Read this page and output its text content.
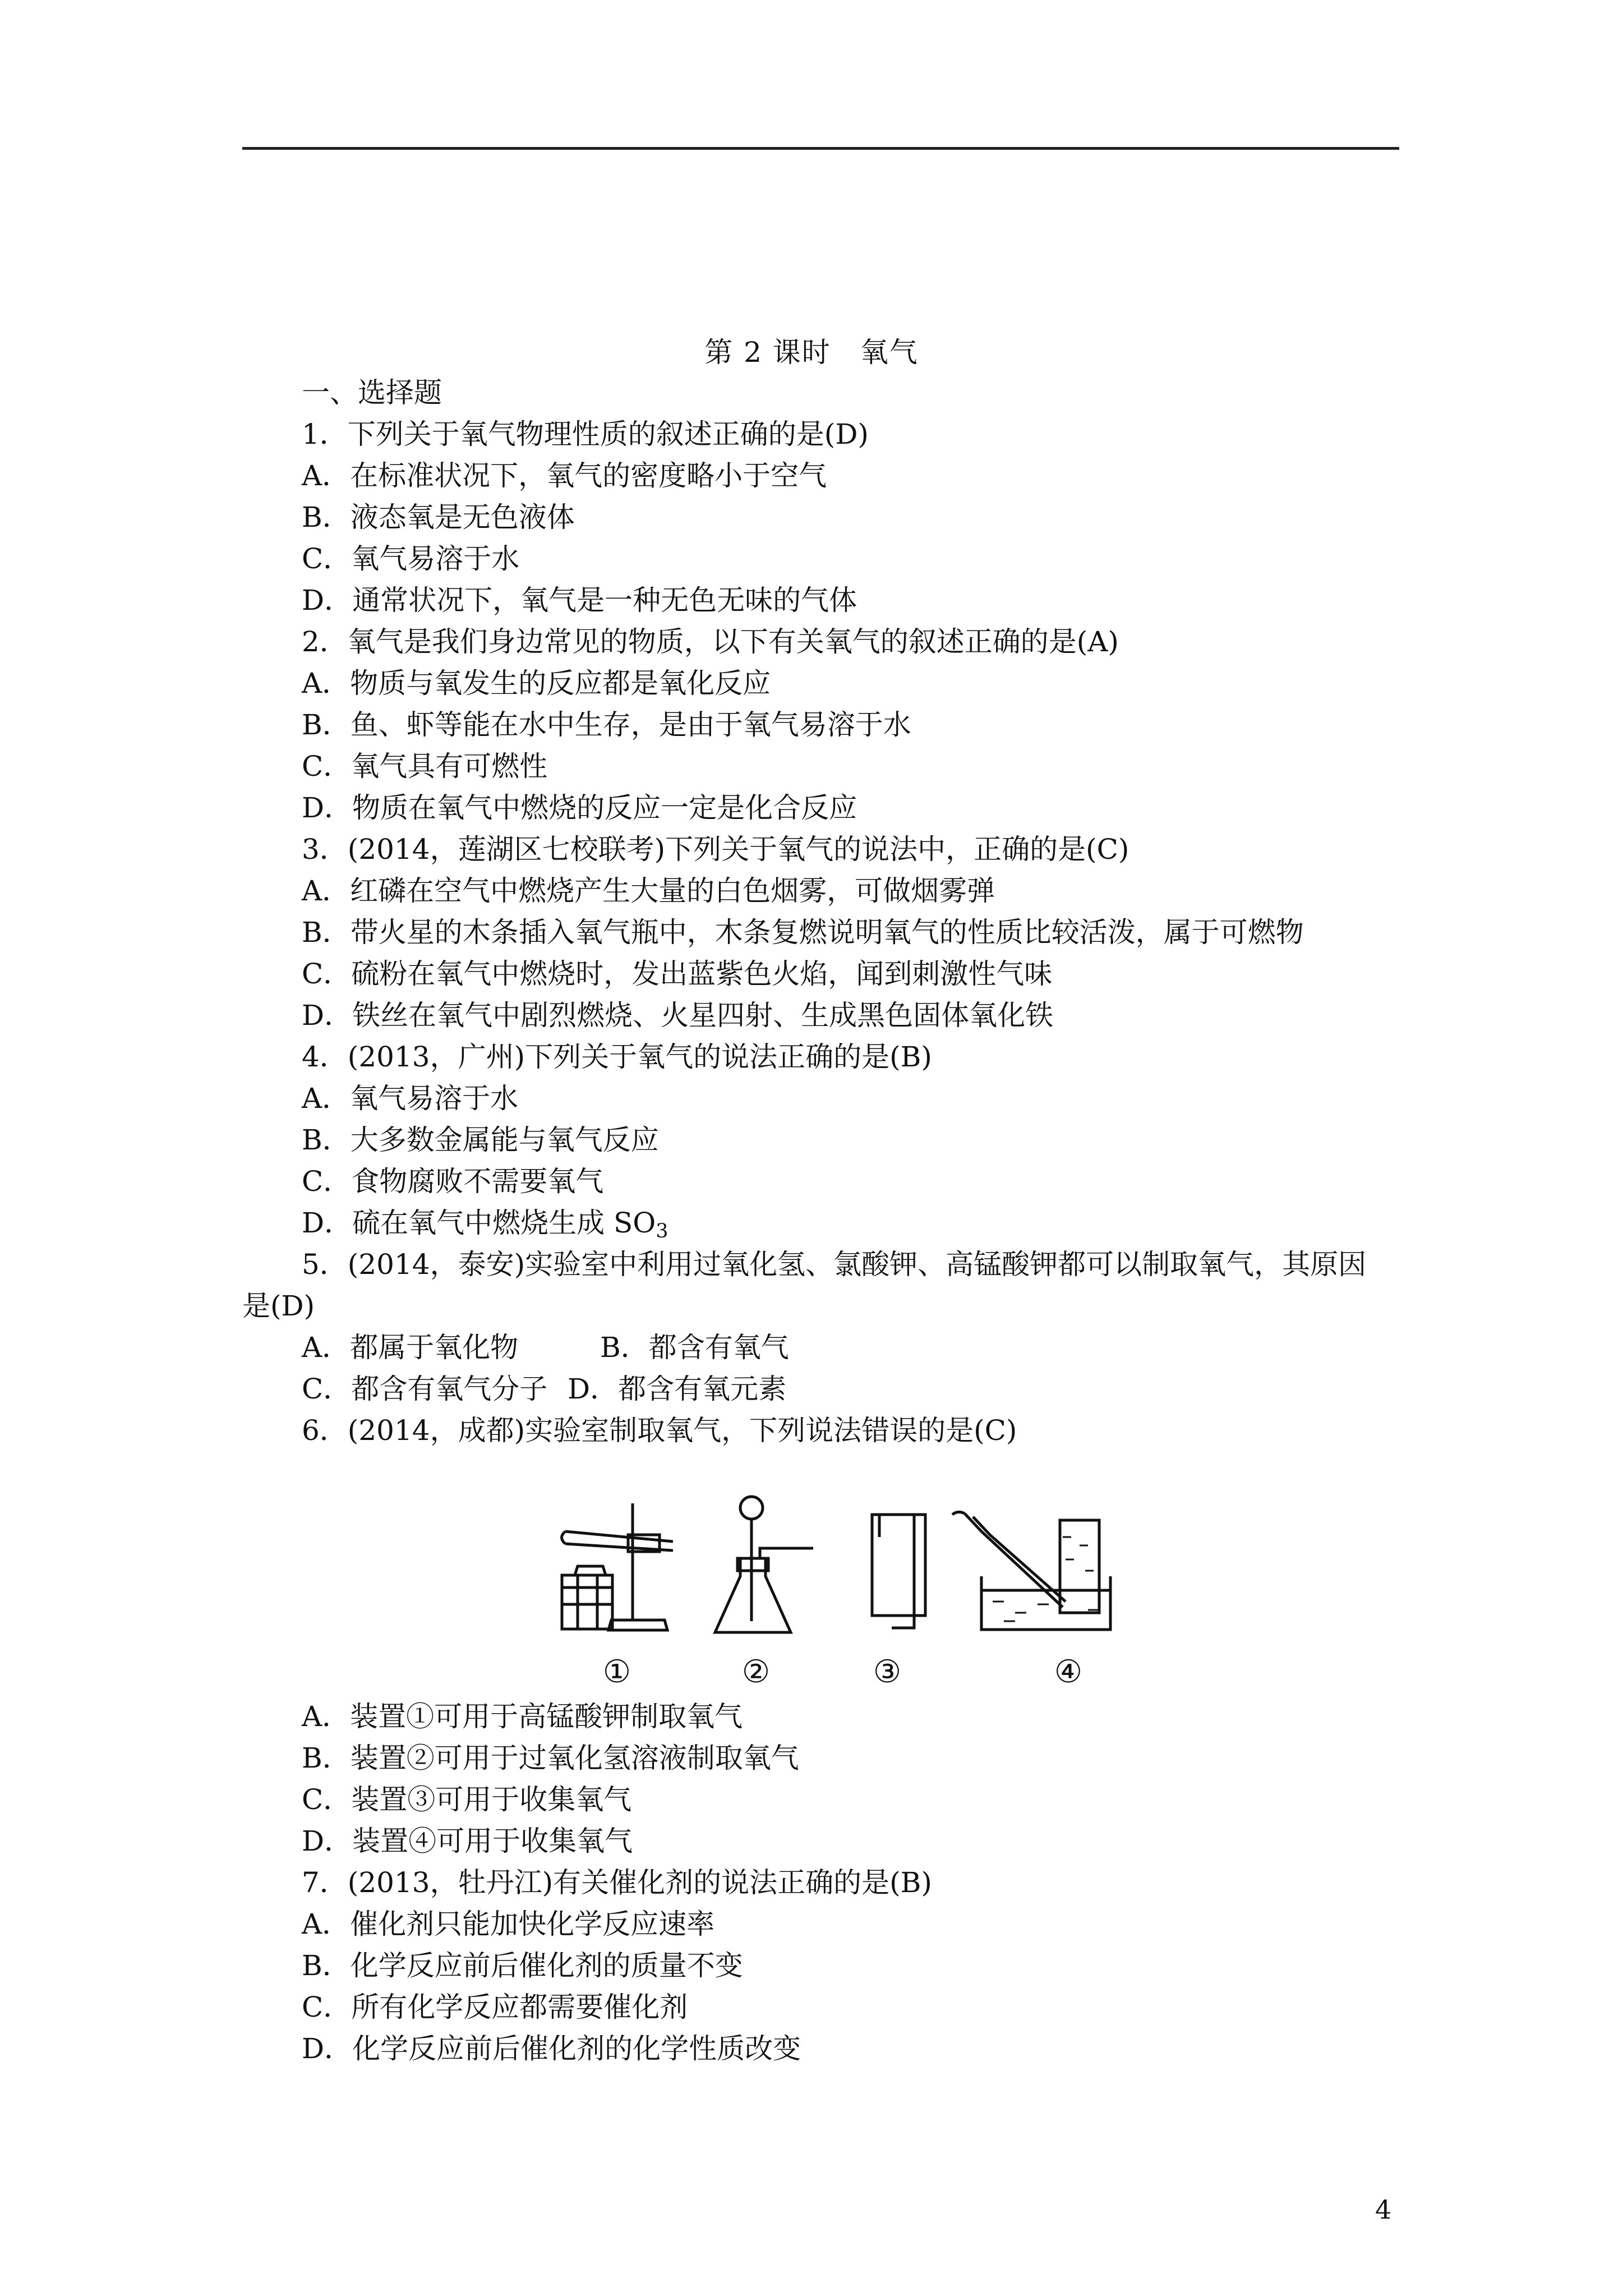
第 2 课时　氧气
一、选择题
1．下列关于氧气物理性质的叙述正确的是(D)
A．在标准状况下，氧气的密度略小于空气
B．液态氧是无色液体
C．氧气易溶于水
D．通常状况下，氧气是一种无色无味的气体
2．氧气是我们身边常见的物质，以下有关氧气的叙述正确的是(A)
A．物质与氧发生的反应都是氧化反应
B．鱼、虾等能在水中生存，是由于氧气易溶于水
C．氧气具有可燃性
D．物质在氧气中燃烧的反应一定是化合反应
3．(2014，莲湖区七校联考)下列关于氧气的说法中，正确的是(C)
A．红磷在空气中燃烧产生大量的白色烟雾，可做烟雾弹
B．带火星的木条插入氧气瓶中，木条复燃说明氧气的性质比较活泼，属于可燃物
C．硫粉在氧气中燃烧时，发出蓝紫色火焰，闻到刺激性气味
D．铁丝在氧气中剧烈燃烧、火星四射、生成黑色固体氧化铁
4．(2013，广州)下列关于氧气的说法正确的是(B)
A．氧气易溶于水
B．大多数金属能与氧气反应
C．食物腐败不需要氧气
D．硫在氧气中燃烧生成 $SO_3$
5．(2014，泰安)实验室中利用过氧化氢、氯酸钾、高锰酸钾都可以制取氧气，其原因
是(D)
A．都属于氧化物	B．都含有氧气
C．都含有氧气分子 D．都含有氧元素
6．(2014，成都)实验室制取氧气，下列说法错误的是(C)
①	②	③	④
A．装置①可用于高锰酸钾制取氧气
B．装置②可用于过氧化氢溶液制取氧气
C．装置③可用于收集氧气
D．装置④可用于收集氧气
7．(2013，牡丹江)有关催化剂的说法正确的是(B)
A．催化剂只能加快化学反应速率
B．化学反应前后催化剂的质量不变
C．所有化学反应都需要催化剂
D．化学反应前后催化剂的化学性质改变
4
